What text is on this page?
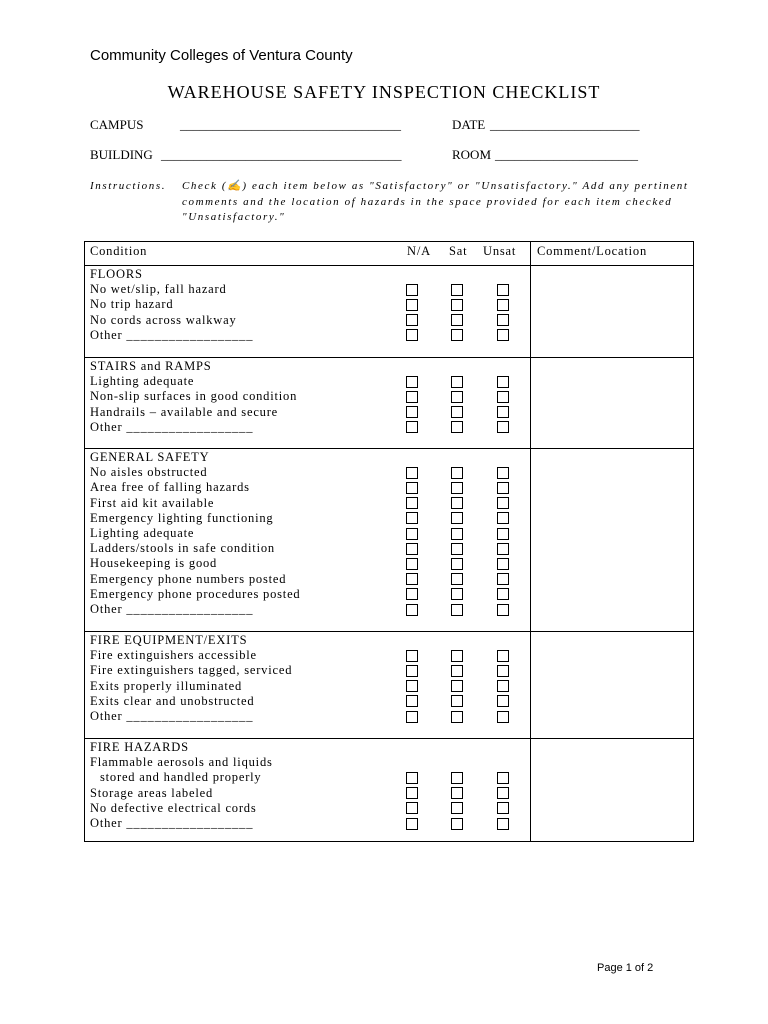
Community Colleges of Ventura County
WAREHOUSE SAFETY INSPECTION CHECKLIST
CAMPUS	__________________________________	DATE _______________________
BUILDING _____________________________________	ROOM ______________________
Instructions.	Check (✍) each item below as "Satisfactory" or "Unsatisfactory." Add any pertinent comments and the location of hazards in the space provided for each item checked "Unsatisfactory."
Condition	N/A Sat Unsat Comment/Location
FLOORS
No wet/slip, fall hazard
No trip hazard
No cords across walkway
Other __________________
STAIRS and RAMPS
Lighting adequate
Non-slip surfaces in good condition
Handrails – available and secure
Other __________________
GENERAL SAFETY
No aisles obstructed
Area free of falling hazards
First aid kit available
Emergency lighting functioning
Lighting adequate
Ladders/stools in safe condition
Housekeeping is good
Emergency phone numbers posted
Emergency phone procedures posted
Other __________________
FIRE EQUIPMENT/EXITS
Fire extinguishers accessible
Fire extinguishers tagged, serviced
Exits properly illuminated
Exits clear and unobstructed
Other __________________
FIRE HAZARDS
Flammable aerosols and liquids
stored and handled properly
Storage areas labeled
No defective electrical cords
Other __________________
Page 1 of 2
